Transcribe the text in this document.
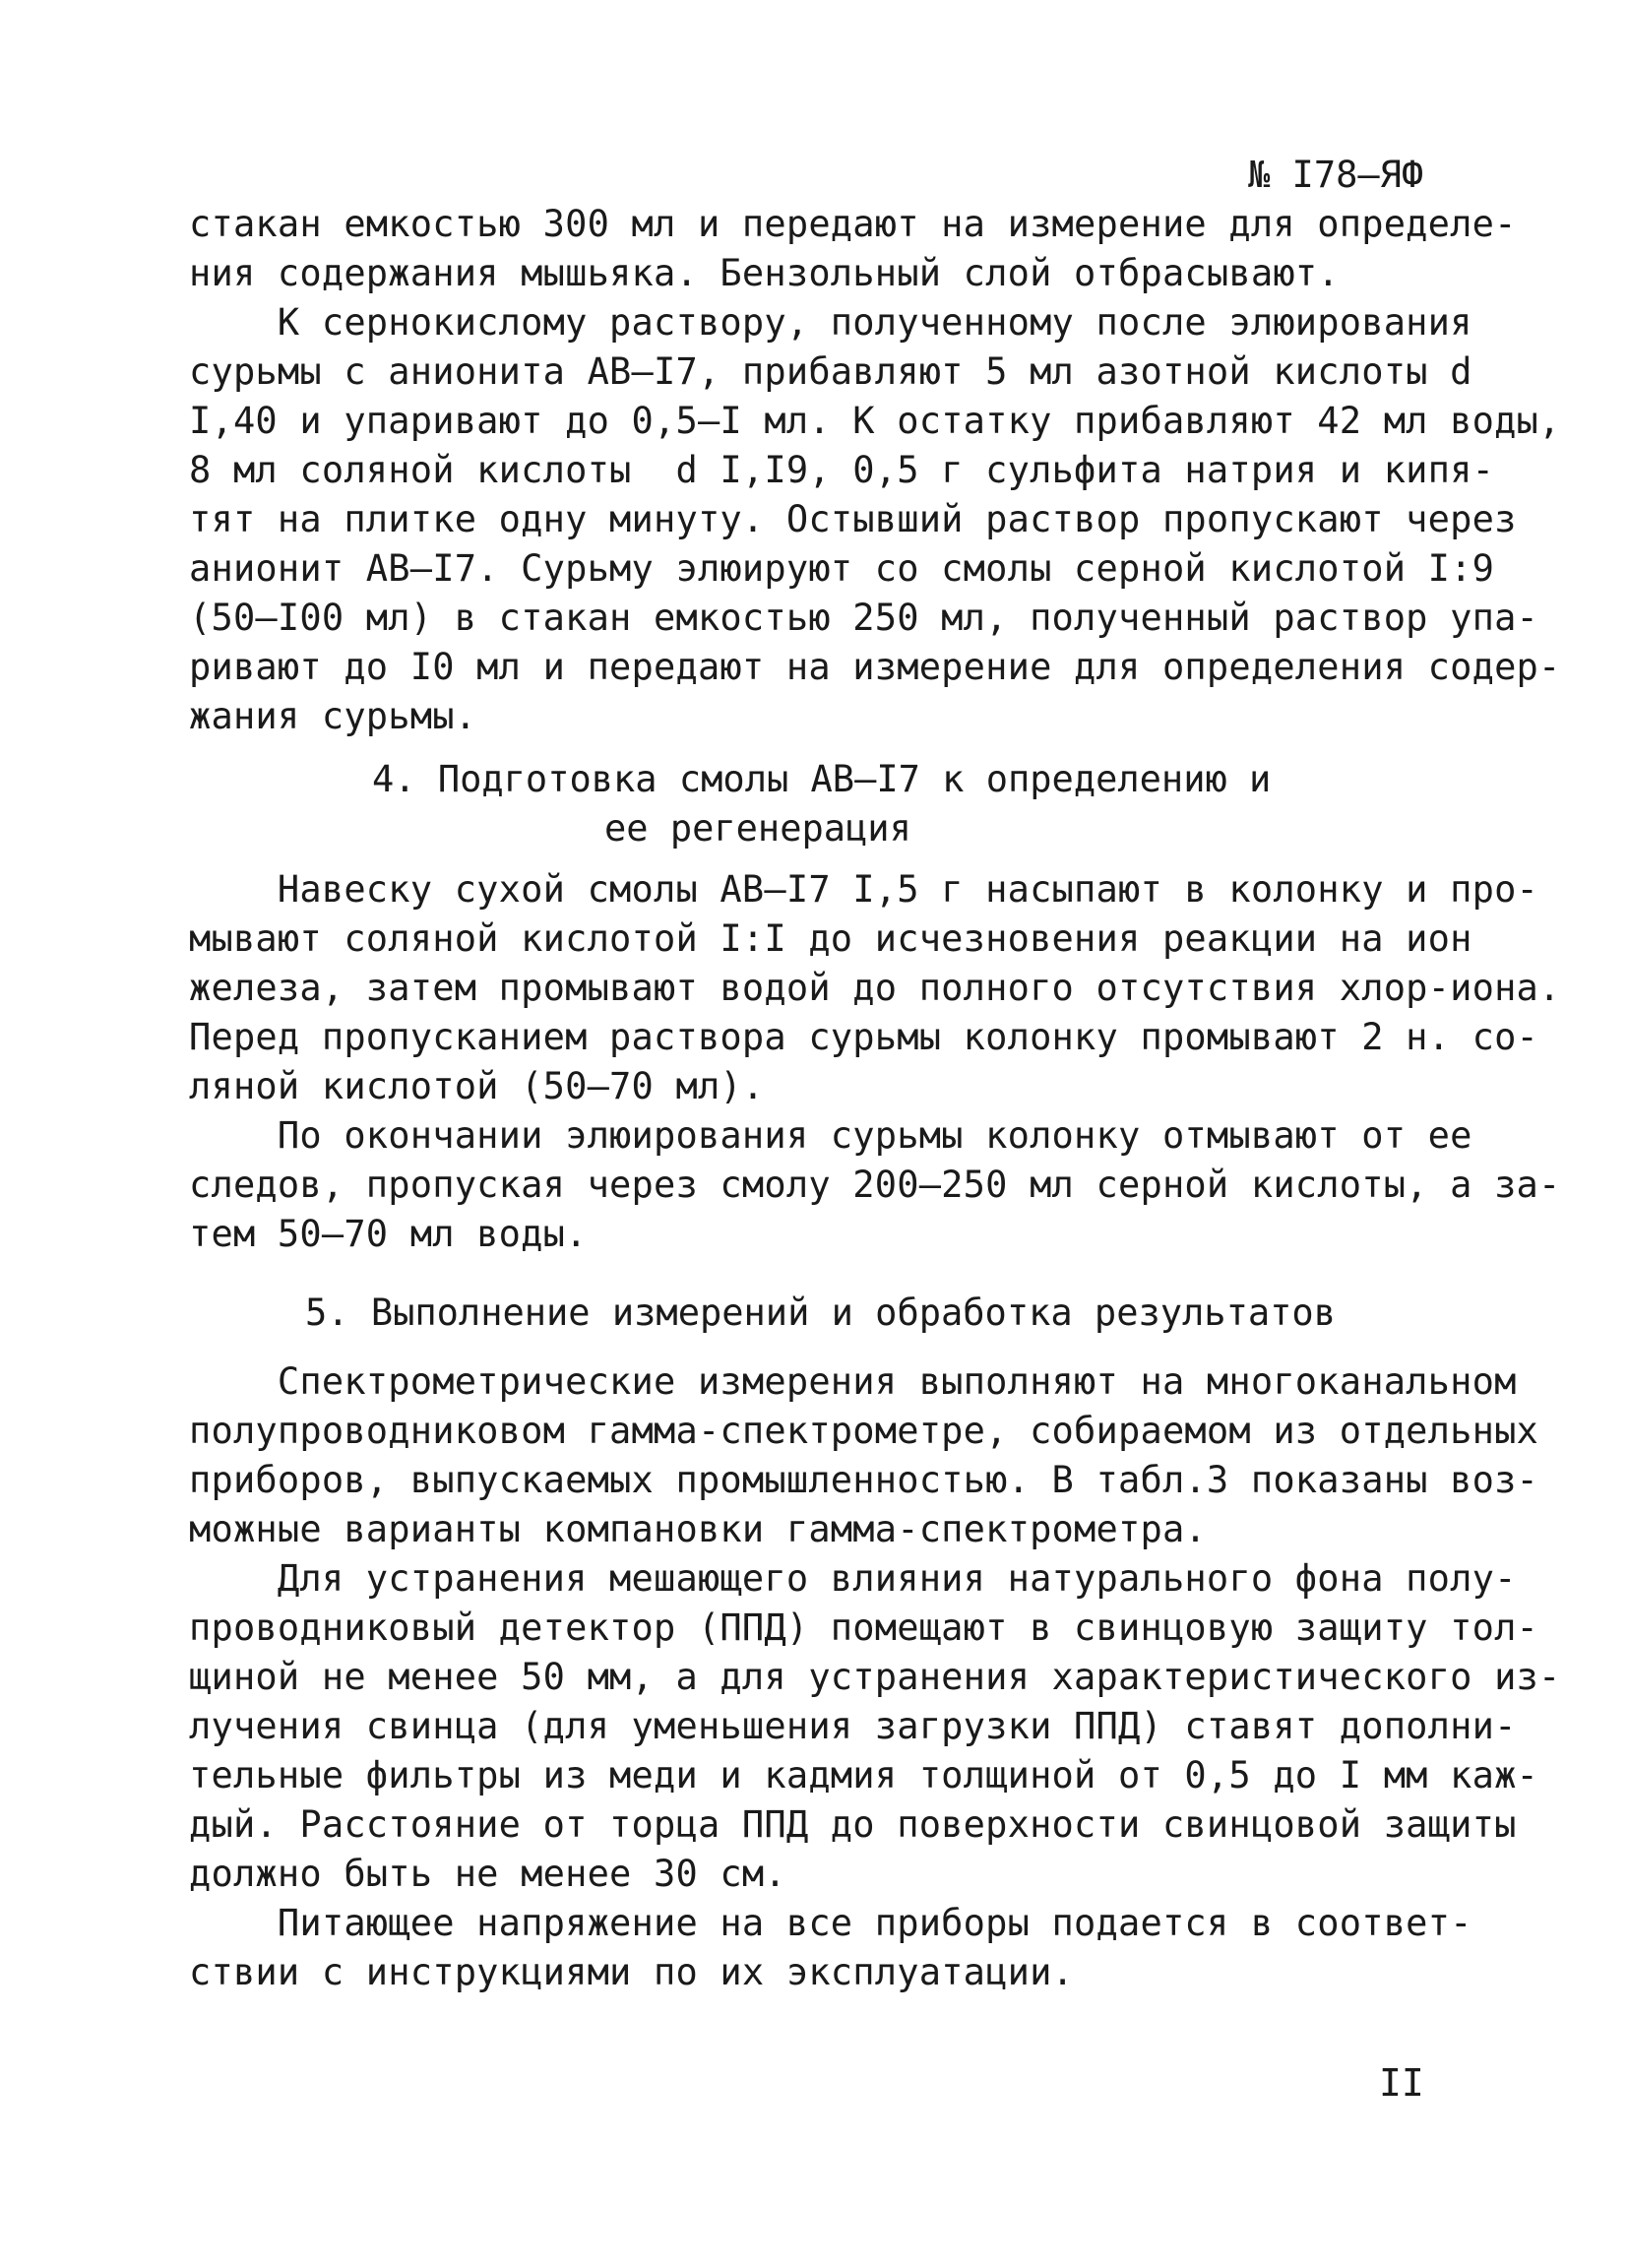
№ I78–ЯФ
стакан емкостью 300 мл и передают на измерение для определе-
ния содержания мышьяка. Бензольный слой отбрасывают.
К сернокислому раствору, полученному после элюирования
сурьмы с анионита АВ–I7, прибавляют 5 мл азотной кислоты d
I,40 и упаривают до 0,5–I мл. К остатку прибавляют 42 мл воды,
8 мл соляной кислоты  d I,I9, 0,5 г сульфита натрия и кипя-
тят на плитке одну минуту. Остывший раствор пропускают через
анионит АВ–I7. Сурьму элюируют со смолы серной кислотой I:9
(50–I00 мл) в стакан емкостью 250 мл, полученный раствор упа-
ривают до I0 мл и передают на измерение для определения содер-
жания сурьмы.
4. Подготовка смолы АВ–I7 к определению и
ее регенерация
Навеску сухой смолы АВ–I7 I,5 г насыпают в колонку и про-
мывают соляной кислотой I:I до исчезновения реакции на ион
железа, затем промывают водой до полного отсутствия хлор-иона.
Перед пропусканием раствора сурьмы колонку промывают 2 н. со-
ляной кислотой (50–70 мл).
По окончании элюирования сурьмы колонку отмывают от ее
следов, пропуская через смолу 200–250 мл серной кислоты, а за-
тем 50–70 мл воды.
5. Выполнение измерений и обработка результатов
Спектрометрические измерения выполняют на многоканальном
полупроводниковом гамма-спектрометре, собираемом из отдельных
приборов, выпускаемых промышленностью. В табл.3 показаны воз-
можные варианты компановки гамма-спектрометра.
Для устранения мешающего влияния натурального фона полу-
проводниковый детектор (ППД) помещают в свинцовую защиту тол-
щиной не менее 50 мм, а для устранения характеристического из-
лучения свинца (для уменьшения загрузки ППД) ставят дополни-
тельные фильтры из меди и кадмия толщиной от 0,5 до I мм каж-
дый. Расстояние от торца ППД до поверхности свинцовой защиты
должно быть не менее 30 см.
Питающее напряжение на все приборы подается в соответ-
ствии с инструкциями по их эксплуатации.
II
